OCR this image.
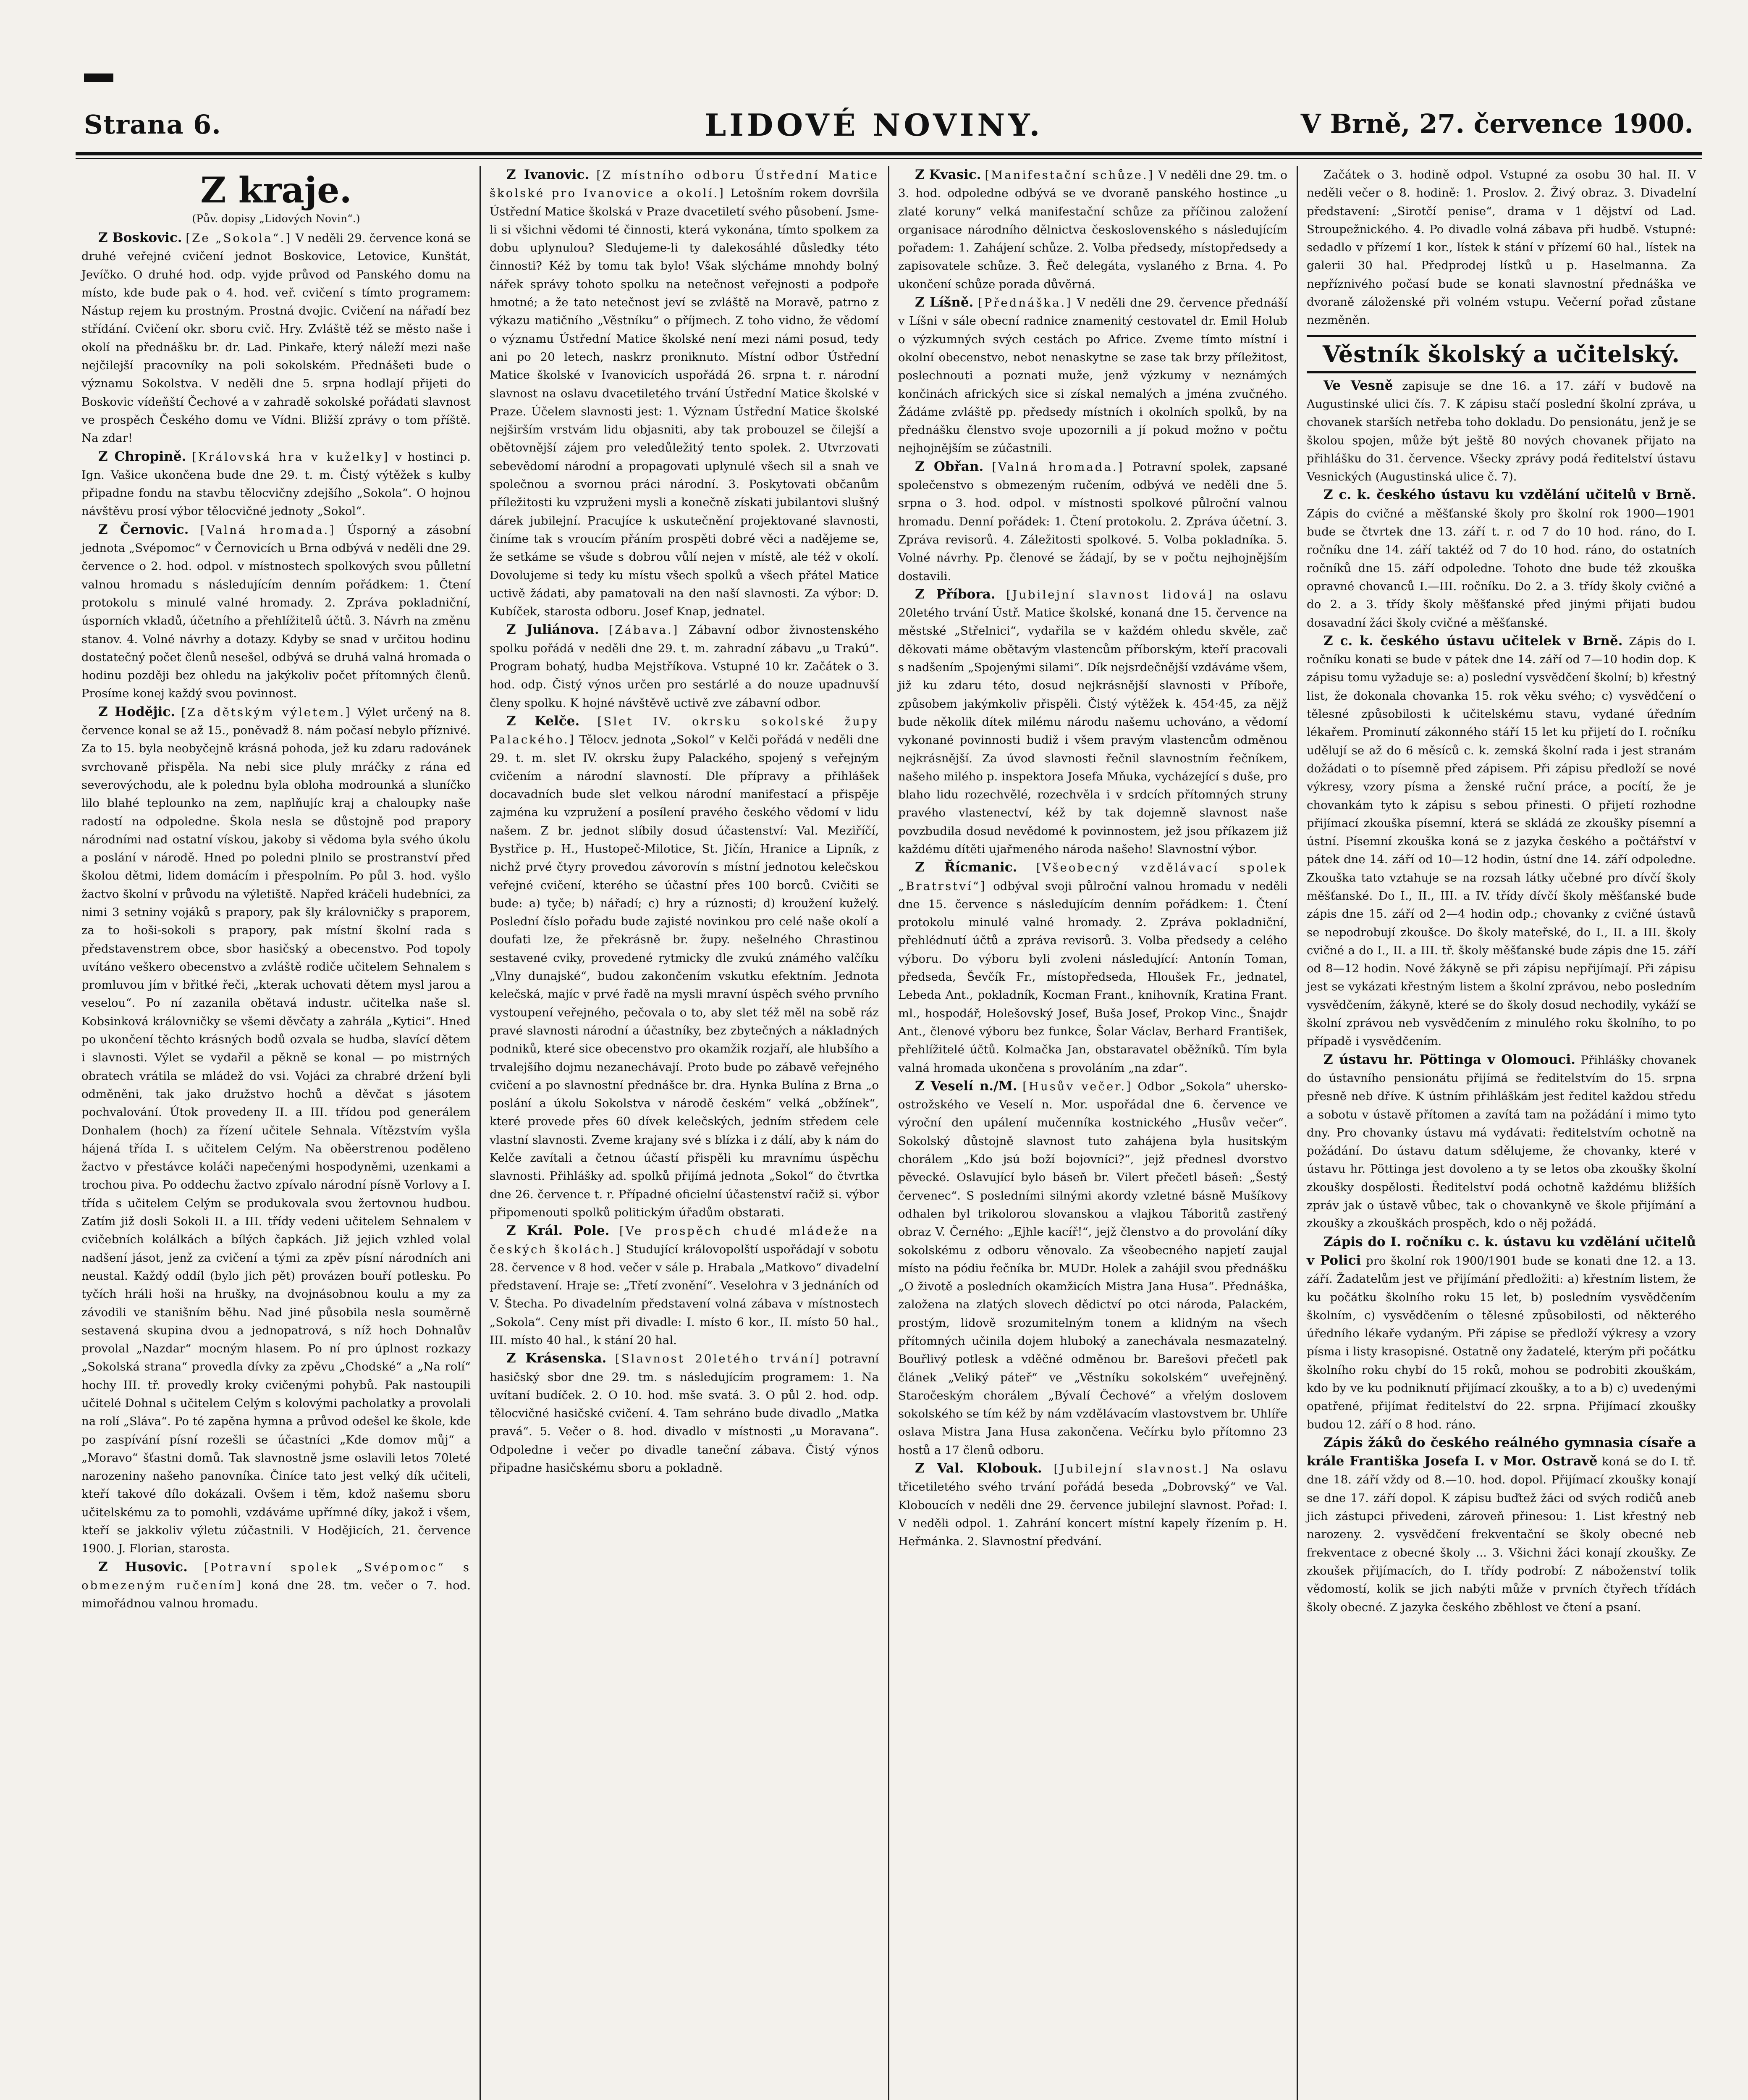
Strana 6.	LIDOVÉ NOVINY.	V Brně, 27. července 1900.
Z kraje.
(Pův. dopisy „Lidových Novin“.)

Z Boskovic. [Ze „Sokola“.] V neděli 29. července koná se druhé veřejné cvičení jednot Boskovice, Letovice, Kunštát, Jevíčko. O druhé hod. odp. vyjde průvod od Panského domu na místo, kde bude pak o 4. hod. veř. cvičení s tímto programem: Nástup rejem ku prostným. Prostná dvojic. Cvičení na nářadí bez střídání. Cvičení okr. sboru cvič. Hry. Zvláště též se město naše i okolí na přednášku br. dr. Lad. Pinkaře, který náleží mezi naše nejčilejší pracovníky na poli sokolském. Přednášeti bude o významu Sokolstva. V neděli dne 5. srpna hodlají přijeti do Boskovic vídeňští Čechové a v zahradě sokolské pořádati slavnost ve prospěch Českého domu ve Vídni. Bližší zprávy o tom příště. Na zdar!

Z Chropině. [Královská hra v kuželky] v hostinci p. Ign. Vašice ukončena bude dne 29. t. m. Čistý výtěžek s kulby připadne fondu na stavbu tělocvičny zdejšího „Sokola“. O hojnou návštěvu prosí výbor tělocvičné jednoty „Sokol“.

Z Černovic. [Valná hromada.] Úsporný a zásobní jednota „Svépomoc“ v Černovicích u Brna odbývá v neděli dne 29. července o 2. hod. odpol. v místnostech spolkových svou půlletní valnou hromadu s následujícím denním pořádkem: 1. Čtení protokolu s minulé valné hromady. 2. Zpráva pokladniční, úsporních vkladů, účetního a přehlížitelů účtů. 3. Návrh na změnu stanov. 4. Volné návrhy a dotazy. Kdyby se snad v určitou hodinu dostatečný počet členů nesešel, odbývá se druhá valná hromada o hodinu později bez ohledu na jakýkoliv počet přítomných členů. Prosíme konej každý svou povinnost.

Z Hodějic. [Za dětským výletem.] Výlet určený na 8. července konal se až 15., poněvadž 8. nám počasí nebylo příznivé. Za to 15. byla neobyčejně krásná pohoda, jež ku zdaru radovánek svrchovaně přispěla. Na nebi sice pluly mráčky z rána ed severovýchodu, ale k polednu byla obloha modrounká a sluníčko lilo blahé teplounko na zem, naplňujíc kraj a chaloupky naše radostí na odpoledne. Škola nesla se důstojně pod prapory národními nad ostatní vískou, jakoby si vědoma byla svého úkolu a poslání v národě. Hned po poledni plnilo se prostranství před školou dětmi, lidem domácím i přespolním. Po půl 3. hod. vyšlo žactvo školní v průvodu na výletiště. Napřed kráčeli hudebníci, za nimi 3 setniny vojáků s prapory, pak šly královničky s praporem, za to hoši-sokoli s prapory, pak místní školní rada s představenstrem obce, sbor hasičský a obecenstvo. Pod topoly uvítáno veškero obecenstvo a zvláště rodiče učitelem Sehnalem s promluvou jím v břitké řeči, „kterak uchovati dětem mysl jarou a veselou“. Po ní zazanila obětavá industr. učitelka naše sl. Kobsinková královničky se všemi děvčaty a zahrála „Kytici“. Hned po ukončení těchto krásných bodů ozvala se hudba, slavící dětem i slavnosti. Výlet se vydařil a pěkně se konal — po mistrných obratech vrátila se mládež do vsi. Vojáci za chrabré držení byli odměněni, tak jako družstvo hochů a děvčat s jásotem pochvalování. Útok provedeny II. a III. třídou pod generálem Donhalem (hoch) za řízení učitele Sehnala. Vítězstvím vyšla hájená třída I. s učitelem Celým. Na oběerstrenou poděleno žactvo v přestávce koláči napečenými hospodyněmi, uzenkami a trochou piva. Po oddechu žactvo zpívalo národní písně Vorlovy a I. třída s učitelem Celým se produkovala svou žertovnou hudbou. Zatím již dosli Sokoli II. a III. třídy vedeni učitelem Sehnalem v cvičebních kolálkách a bílých čapkách. Již jejich vzhled volal nadšení jásot, jenž za cvičení a tými za zpěv písní národních ani neustal. Každý oddíl (bylo jich pět) provázen bouří potlesku. Po tyčích hráli hoši na hrušky, na dvojnásobnou koulu a my za závodili ve stanišním běhu. Nad jiné působila nesla souměrně sestavená skupina dvou a jednopatrová, s níž hoch Dohnalův provolal „Nazdar“ mocným hlasem. Po ní pro úplnost rozkazy „Sokolská strana“ provedla dívky za zpěvu „Chodské“ a „Na rolí“ hochy III. tř. provedly kroky cvičenými pohybů. Pak nastoupili učitelé Dohnal s učitelem Celým s kolovými pacholatky a provolali na rolí „Sláva“. Po té zapěna hymna a průvod odešel ke škole, kde po zaspívání písní rozešli se účastníci „Kde domov můj“ a „Moravo“ šťastni domů. Tak slavnostně jsme oslavili letos 70leté narozeniny našeho panovníka. Činíce tato jest velký dík učiteli, kteří takové dílo dokázali. Ovšem i těm, kdož našemu sboru učitelskému za to pomohli, vzdáváme upřímné díky, jakož i všem, kteří se jakkoliv výletu zúčastnili. V Hodějicích, 21. července 1900. J. Florian, starosta.

Z Husovic. [Potravní spolek „Svépomoc“ s obmezeným ručením] koná dne 28. tm. večer o 7. hod. mimořádnou valnou hromadu.

Z Ivanovic. [Z místního odboru Ústřední Matice školské pro Ivanovice a okolí.] Letošním rokem dovršila Ústřední Matice školská v Praze dvacetiletí svého působení. Jsme-li si všichni vědomi té činnosti, která vykonána, tímto spolkem za dobu uplynulou? Sledujeme-li ty dalekosáhlé důsledky této činnosti? Kéž by tomu tak bylo! Však slýcháme mnohdy bolný nářek správy tohoto spolku na netečnost veřejnosti a podpoře hmotné; a že tato netečnost jeví se zvláště na Moravě, patrno z výkazu matičního „Věstníku“ o příjmech. Z toho vidno, že vědomí o významu Ústřední Matice školské není mezi námi posud, tedy ani po 20 letech, naskrz proniknuto. Místní odbor Ústřední Matice školské v Ivanovicích uspořádá 26. srpna t. r. národní slavnost na oslavu dvacetiletého trvání Ústřední Matice školské v Praze. Účelem slavnosti jest: 1. Význam Ústřední Matice školské nejširším vrstvám lidu objasniti, aby tak probouzel se čilejší a obětovnější zájem pro veledůležitý tento spolek. 2. Utvrzovati sebevědomí národní a propagovati uplynulé všech sil a snah ve společnou a svornou práci národní. 3. Poskytovati občanům příležitosti ku vzpruženi mysli a konečně získati jubilantovi slušný dárek jubilejní. Pracujíce k uskutečnění projektované slavnosti, činíme tak s vroucím přáním prospěti dobré věci a nadějeme se, že setkáme se všude s dobrou vůlí nejen v místě, ale též v okolí. Dovolujeme si tedy ku místu všech spolků a všech přátel Matice uctivě žádati, aby pamatovali na den naší slavnosti. Za výbor: D. Kubíček, starosta odboru. Josef Knap, jednatel.

Z Juliánova. [Zábava.] Zábavní odbor živnostenského spolku pořádá v neděli dne 29. t. m. zahradní zábavu „u Trakú“. Program bohatý, hudba Mejstříkova. Vstupné 10 kr. Začátek o 3. hod. odp. Čistý výnos určen pro sestárlé a do nouze upadnuvší členy spolku. K hojné návštěvě uctivě zve zábavní odbor.

Z Kelče. [Slet IV. okrsku sokolské župy Palackého.] Tělocv. jednota „Sokol“ v Kelči pořádá v neděli dne 29. t. m. slet IV. okrsku župy Palackého, spojený s veřejným cvičením a národní slavností. Dle přípravy a přihlášek docavadních bude slet velkou národní manifestací a přispěje zajména ku vzpružení a posílení pravého českého vědomí v lidu našem. Z br. jednot slíbily dosud účastenství: Val. Meziříčí, Bystřice p. H., Hustopeč-Milotice, St. Jičín, Hranice a Lipník, z nichž prvé čtyry provedou závorovín s místní jednotou kelečskou veřejné cvičení, kterého se účastní přes 100 borců. Cvičiti se bude: a) tyče; b) nářadí; c) hry a rúznosti; d) kroužení kuželý. Poslední číslo pořadu bude zajisté novinkou pro celé naše okolí a doufati lze, že překrásně br. župy. nešelného Chrastinou sestavené cviky, provedené rytmicky dle zvukú známého valčíku „Vlny dunajské“, budou zakončením vskutku efektním. Jednota kelečská, majíc v prvé řadě na mysli mravní úspěch svého prvního vystoupení veřejného, pečovala o to, aby slet též měl na sobě ráz pravé slavnosti národní a účastníky, bez zbytečných a nákladných podniků, které sice obecenstvo pro okamžik rozjaří, ale hlubšího a trvalejšího dojmu nezanechávají. Proto bude po zábavě veřejného cvičení a po slavnostní přednášce br. dra. Hynka Bulína z Brna „o poslání a úkolu Sokolstva v národě českém“ velká „obžínek“, které provede přes 60 dívek kelečských, jedním středem cele vlastní slavnosti. Zveme krajany své s blízka i z dálí, aby k nám do Kelče zavítali a četnou účastí přispěli ku mravnímu úspěchu slavnosti. Přihlášky ad. spolků přijímá jednota „Sokol“ do čtvrtka dne 26. července t. r. Případné oficielní účastenství račiž si. výbor připomenouti spolků politickým úřadům obstarati.

Z Král. Pole. [Ve prospěch chudé mládeže na českých školách.] Studující královopolští uspořádají v sobotu 28. července v 8 hod. večer v sále p. Hrabala „Matkovo“ divadelní představení. Hraje se: „Třetí zvonění“. Veselohra v 3 jednáních od V. Štecha. Po divadelním představení volná zábava v místnostech „Sokola“. Ceny míst při divadle: I. místo 6 kor., II. místo 50 hal., III. místo 40 hal., k stání 20 hal.

Z Krásenska. [Slavnost 20letého trvání] potravní hasičský sbor dne 29. tm. s následujícím programem: 1. Na uvítaní budíček. 2. O 10. hod. mše svatá. 3. O půl 2. hod. odp. tělocvičné hasičské cvičení. 4. Tam sehráno bude divadlo „Matka pravá“. 5. Večer o 8. hod. divadlo v místnosti „u Moravana“. Odpoledne i večer po divadle taneční zábava. Čistý výnos připadne hasičskému sboru a pokladně.

Z Kvasic. [Manifestační schůze.] V neděli dne 29. tm. o 3. hod. odpoledne odbývá se ve dvoraně panského hostince „u zlaté koruny“ velká manifestační schůze za příčinou založení organisace národního dělnictva československého s následujícím pořadem: 1. Zahájení schůze. 2. Volba předsedy, místopředsedy a zapisovatele schůze. 3. Řeč delegáta, vyslaného z Brna. 4. Po ukončení schůze porada důvěrná.

Z Líšně. [Přednáška.] V neděli dne 29. července přednáší v Líšni v sále obecní radnice znamenitý cestovatel dr. Emil Holub o výzkumných svých cestách po Africe. Zveme tímto místní i okolní obecenstvo, nebot nenaskytne se zase tak brzy příležitost, poslechnouti a poznati muže, jenž výzkumy v neznámých končinách afrických sice si získal nemalých a jména zvučného. Žádáme zvláště pp. předsedy místních i okolních spolků, by na přednášku členstvo svoje upozornili a jí pokud možno v počtu nejhojnějším se zúčastnili.

Z Obřan. [Valná hromada.] Potravní spolek, zapsané společenstvo s obmezeným ručením, odbývá ve neděli dne 5. srpna o 3. hod. odpol. v místnosti spolkové půlroční valnou hromadu. Denní pořádek: 1. Čtení protokolu. 2. Zpráva účetní. 3. Zpráva revisorů. 4. Záležitosti spolkové. 5. Volba pokladníka. 5. Volné návrhy. Pp. členové se žádají, by se v počtu nejhojnějším dostavili.

Z Příbora. [Jubilejní slavnost lidová] na oslavu 20letého trvání Ústř. Matice školské, konaná dne 15. července na městské „Střelnici“, vydařila se v každém ohledu skvěle, zač děkovati máme obětavým vlastencům příborským, kteří pracovali s nadšením „Spojenými silami“. Dík nejsrdečnější vzdáváme všem, již ku zdaru této, dosud nejkrásnější slavnosti v Příboře, způsobem jakýmkoliv přispěli. Čistý výtěžek k. 454·45, za nějž bude několik dítek milému národu našemu uchováno, a vědomí vykonané povinnosti budiž i všem pravým vlastencům odměnou nejkrásnější. Za úvod slavnosti řečnil slavnostním řečníkem, našeho milého p. inspektora Josefa Mňuka, vycházející s duše, pro blaho lidu rozechvělé, rozechvěla i v srdcích přítomných struny pravého vlastenectví, kéž by tak dojemně slavnost naše povzbudila dosud nevědomé k povinnostem, jež jsou příkazem již každému dítěti ujařmeného národa našeho! Slavnostní výbor.

Z Řícmanic. [Všeobecný vzdělávací spolek „Bratrství“] odbýval svoji půlroční valnou hromadu v neděli dne 15. července s následujícím denním pořádkem: 1. Čtení protokolu minulé valné hromady. 2. Zpráva pokladniční, přehlédnutí účtů a zpráva revisorů. 3. Volba předsedy a celého výboru. Do výboru byli zvoleni následující: Antonín Toman, předseda, Ševčík Fr., místopředseda, Hloušek Fr., jednatel, Lebeda Ant., pokladník, Kocman Frant., knihovník, Kratina Frant. ml., hospodář, Holešovský Josef, Buša Josef, Prokop Vinc., Šnajdr Ant., členové výboru bez funkce, Šolar Václav, Berhard František, přehlížitelé účtů. Kolmačka Jan, obstaravatel oběžníků. Tím byla valná hromada ukončena s provoláním „na zdar“.

Z Veselí n./M. [Husův večer.] Odbor „Sokola“ uhersko-ostrožského ve Veselí n. Mor. uspořádal dne 6. července ve výroční den upálení mučenníka kostnického „Husův večer“. Sokolský důstojně slavnost tuto zahájena byla husitským chorálem „Kdo jsú boží bojovníci?“, jejž přednesl dvorstvo pěvecké. Oslavující bylo báseň br. Vilert přečetl báseň: „Šestý červenec“. S posledními silnými akordy vzletné básně Mušíkovy odhalen byl trikolorou slovanskou a vlajkou Táboritů zastřený obraz V. Černého: „Ejhle kacíř!“, jejž členstvo a do provolání díky sokolskému z odboru věnovalo. Za všeobecného napjetí zaujal místo na pódiu řečníka br. MUDr. Holek a zahájil svou přednášku „O životě a posledních okamžicích Mistra Jana Husa“. Přednáška, založena na zlatých slovech dědictví po otci národa, Palackém, prostým, lidově srozumitelným tonem a klidným na všech přítomných učinila dojem hluboký a zanechávala nesmazatelný. Bouřlivý potlesk a vděčné odměnou br. Barešovi přečetl pak článek „Veliký páteř“ ve „Věstníku sokolském“ uveřejněný. Staročeským chorálem „Bývalí Čechové“ a vřelým doslovem sokolského se tím kéž by nám vzdělávacím vlastovstvem br. Uhlíře oslava Mistra Jana Husa zakončena. Večírku bylo přítomno 23 hostů a 17 členů odboru.

Z Val. Klobouk. [Jubilejní slavnost.] Na oslavu třicetiletého svého trvání pořádá beseda „Dobrovský“ ve Val. Kloboucích v neděli dne 29. července jubilejní slavnost. Pořad: I. V neděli odpol. 1. Zahrání koncert místní kapely řízením p. H. Heřmánka. 2. Slavnostní předvání.

Začátek o 3. hodině odpol. Vstupné za osobu 30 hal. II. V neděli večer o 8. hodině: 1. Proslov. 2. Živý obraz. 3. Divadelní představení: „Sirotčí penise“, drama v 1 dějství od Lad. Stroupežnického. 4. Po divadle volná zábava při hudbě. Vstupné: sedadlo v přízemí 1 kor., lístek k stání v přízemí 60 hal., lístek na galerii 30 hal. Předprodej lístků u p. Haselmanna. Za nepříznivého počasí bude se konati slavnostní přednáška ve dvoraně záloženské při volném vstupu. Večerní pořad zůstane nezměněn.

Věstník školský a učitelský.

Ve Vesně zapisuje se dne 16. a 17. září v budově na Augustinské ulici čís. 7. K zápisu stačí poslední školní zpráva, u chovanek starších netřeba toho dokladu. Do pensionátu, jenž je se školou spojen, může být ještě 80 nových chovanek přijato na přihlášku do 31. července. Všecky zprávy podá ředitelství ústavu Vesnických (Augustinská ulice č. 7).

Z c. k. českého ústavu ku vzdělání učitelů v Brně. Zápis do cvičné a měšťanské školy pro školní rok 1900—1901 bude se čtvrtek dne 13. září t. r. od 7 do 10 hod. ráno, do I. ročníku dne 14. září taktéž od 7 do 10 hod. ráno, do ostatních ročníků dne 15. září odpoledne. Tohoto dne bude též zkouška opravné chovanců I.—III. ročníku. Do 2. a 3. třídy školy cvičné a do 2. a 3. třídy školy měšťanské před jinými přijati budou dosavadní žáci školy cvičné a měšťanské.

Z c. k. českého ústavu učitelek v Brně. Zápis do I. ročníku konati se bude v pátek dne 14. září od 7—10 hodin dop. K zápisu tomu vyžaduje se: a) poslední vysvědčení školní; b) křestný list, že dokonala chovanka 15. rok věku svého; c) vysvědčení o tělesné způsobilosti k učitelskému stavu, vydané úředním lékařem. Prominutí zákonného stáří 15 let ku přijetí do I. ročníku udělují se až do 6 měsíců c. k. zemská školní rada i jest stranám dožádati o to písemně před zápisem. Při zápisu předloží se nové výkresy, vzory písma a ženské ruční práce, a pocítí, že je chovankám tyto k zápisu s sebou přinesti. O přijetí rozhodne přijímací zkouška písemní, která se skládá ze zkoušky písemní a ústní. Písemní zkouška koná se z jazyka českého a počtářství v pátek dne 14. září od 10—12 hodin, ústní dne 14. září odpoledne. Zkouška tato vztahuje se na rozsah látky učebné pro dívčí školy měšťanské. Do I., II., III. a IV. třídy dívčí školy měšťanské bude zápis dne 15. září od 2—4 hodin odp.; chovanky z cvičné ústavů se nepodrobují zkoušce. Do školy mateřské, do I., II. a III. školy cvičné a do I., II. a III. tř. školy měšťanské bude zápis dne 15. září od 8—12 hodin. Nové žákyně se při zápisu nepřijímají. Při zápisu jest se vykázati křestným listem a školní zprávou, nebo posledním vysvědčením, žákyně, které se do školy dosud nechodily, vykáží se školní zprávou neb vysvědčením z minulého roku školního, to po případě i vysvědčením.

Z ústavu hr. Pöttinga v Olomouci. Přihlášky chovanek do ústavního pensionátu přijímá se ředitelstvím do 15. srpna přesně neb dříve. K ústním přihláškám jest ředitel každou středu a sobotu v ústavě přítomen a zavítá tam na požádání i mimo tyto dny. Pro chovanky ústavu má vydávati: ředitelstvím ochotně na požádání. Do ústavu datum sdělujeme, že chovanky, které v ústavu hr. Pöttinga jest dovoleno a ty se letos oba zkoušky školní zkoušky dospělosti. Ředitelství podá ochotně každému bližších zpráv jak o ústavě vůbec, tak o chovankyně ve škole přijímání a zkoušky a zkouškách prospěch, kdo o něj požádá.

Zápis do I. ročníku c. k. ústavu ku vzdělání učitelů v Polici pro školní rok 1900/1901 bude se konati dne 12. a 13. září. Žadatelům jest ve přijímání předložiti: a) křestním listem, že ku počátku školního roku 15 let, b) posledním vysvědčením školním, c) vysvědčením o tělesné způsobilosti, od některého úředního lékaře vydaným. Při zápise se předloží výkresy a vzory písma i listy krasopisné. Ostatně ony žadatelé, kterým při počátku školního roku chybí do 15 roků, mohou se podrobiti zkouškám, kdo by ve ku podniknutí přijímací zkoušky, a to a b) c) uvedenými opatřené, přijímat ředitelství do 22. srpna. Přijímací zkoušky budou 12. září o 8 hod. ráno.

Zápis žáků do českého reálného gymnasia císaře a krále Františka Josefa I. v Mor. Ostravě koná se do I. tř. dne 18. září vždy od 8.—10. hod. dopol. Přijímací zkoušky konají se dne 17. září dopol. K zápisu buďtež žáci od svých rodičů aneb jich zástupci přivedeni, zároveň přinesou: 1. List křestný neb narozeny. 2. vysvědčení frekventační se školy obecné neb frekventace z obecné školy ... 3. Všichni žáci konají zkoušky. Ze zkoušek přijímacích, do I. třídy podrobí: Z náboženství tolik vědomostí, kolik se jich nabýti může v prvních čtyřech třídách školy obecné. Z jazyka českého zběhlost ve čtení a psaní.
